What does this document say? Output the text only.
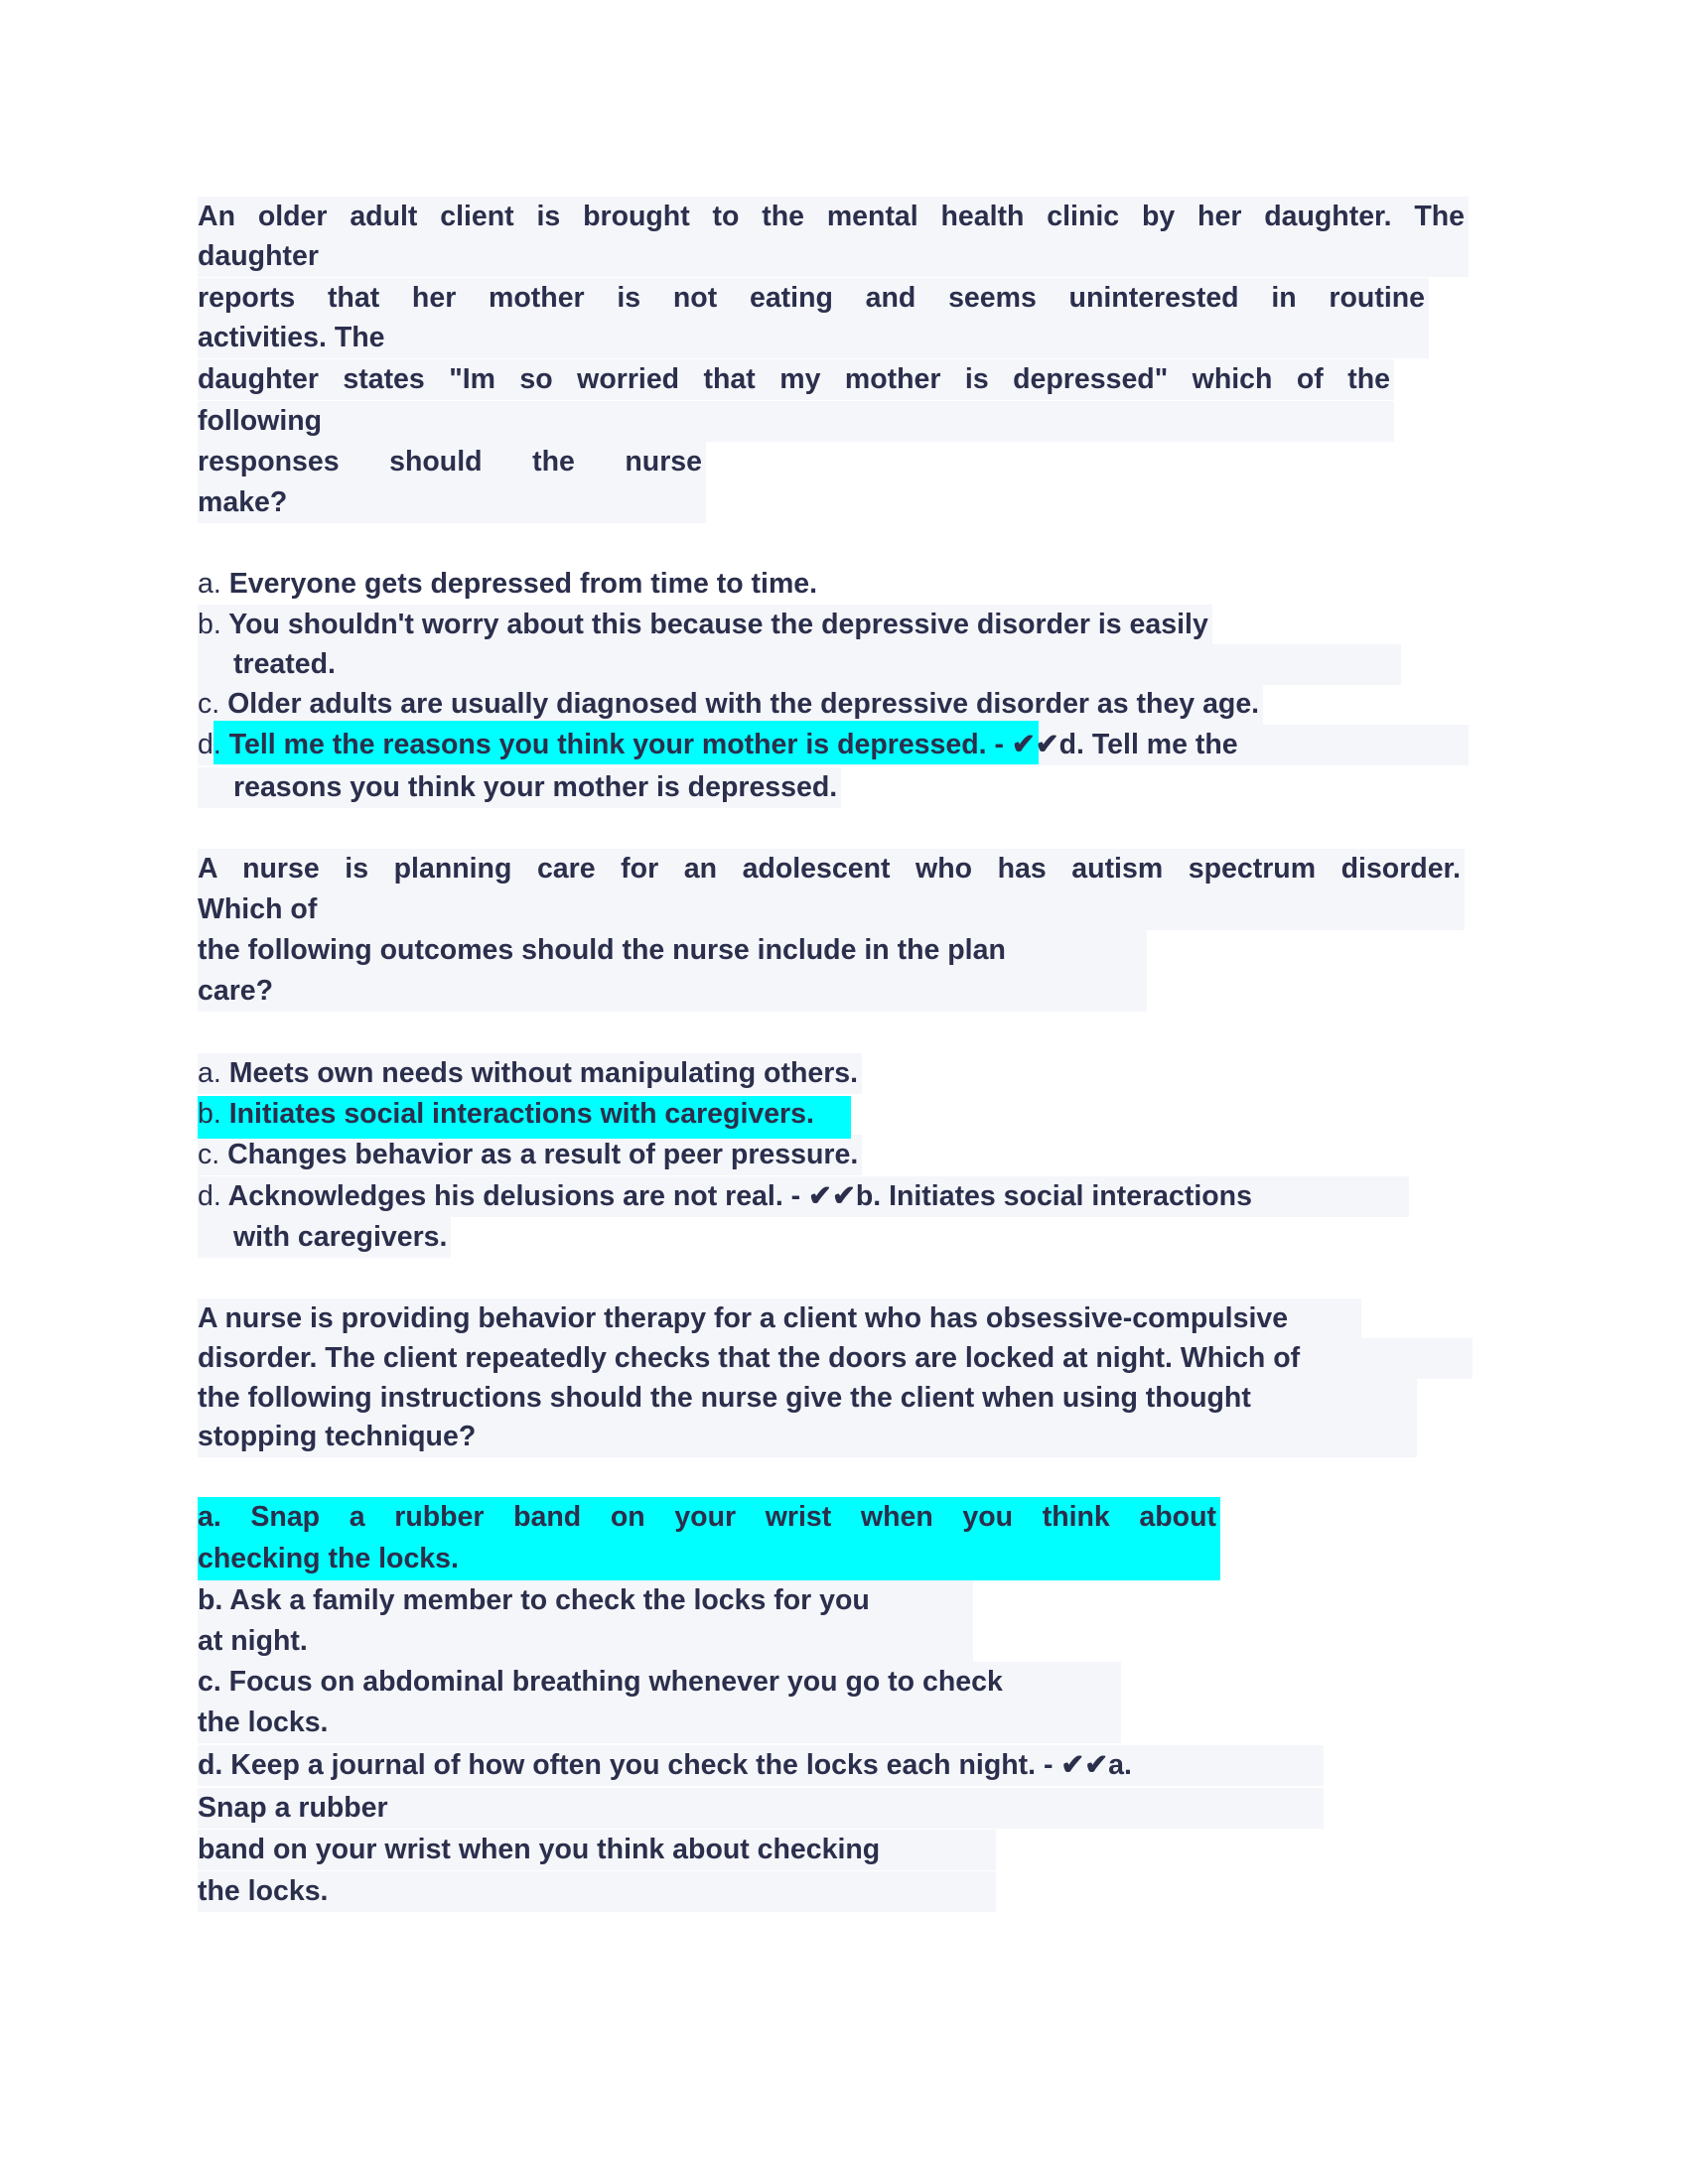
An older adult client is brought to the mental health clinic by her daughter. The
daughter
reports that her mother is not eating and seems uninterested in routine
activities. The
daughter states "Im so worried that my mother is depressed" which of the
following
responses should the nurse
make?
a. Everyone gets depressed from time to time.
b. You shouldn't worry about this because the depressive disorder is easily
treated.
c. Older adults are usually diagnosed with the depressive disorder as they age.
d. Tell me the reasons you think your mother is depressed. - ✔✔d. Tell me the
reasons you think your mother is depressed.
A nurse is planning care for an adolescent who has autism spectrum disorder.
Which of
the following outcomes should the nurse include in the plan
care?
a. Meets own needs without manipulating others.
b. Initiates social interactions with caregivers.
c. Changes behavior as a result of peer pressure.
d. Acknowledges his delusions are not real. - ✔✔b. Initiates social interactions
with caregivers.
A nurse is providing behavior therapy for a client who has obsessive-compulsive
disorder. The client repeatedly checks that the doors are locked at night. Which of
the following instructions should the nurse give the client when using thought
stopping technique?
a. Snap a rubber band on your wrist when you think about
checking the locks.
b. Ask a family member to check the locks for you
at night.
c. Focus on abdominal breathing whenever you go to check
the locks.
d. Keep a journal of how often you check the locks each night. - ✔✔a.
Snap a rubber
band on your wrist when you think about checking
the locks.
